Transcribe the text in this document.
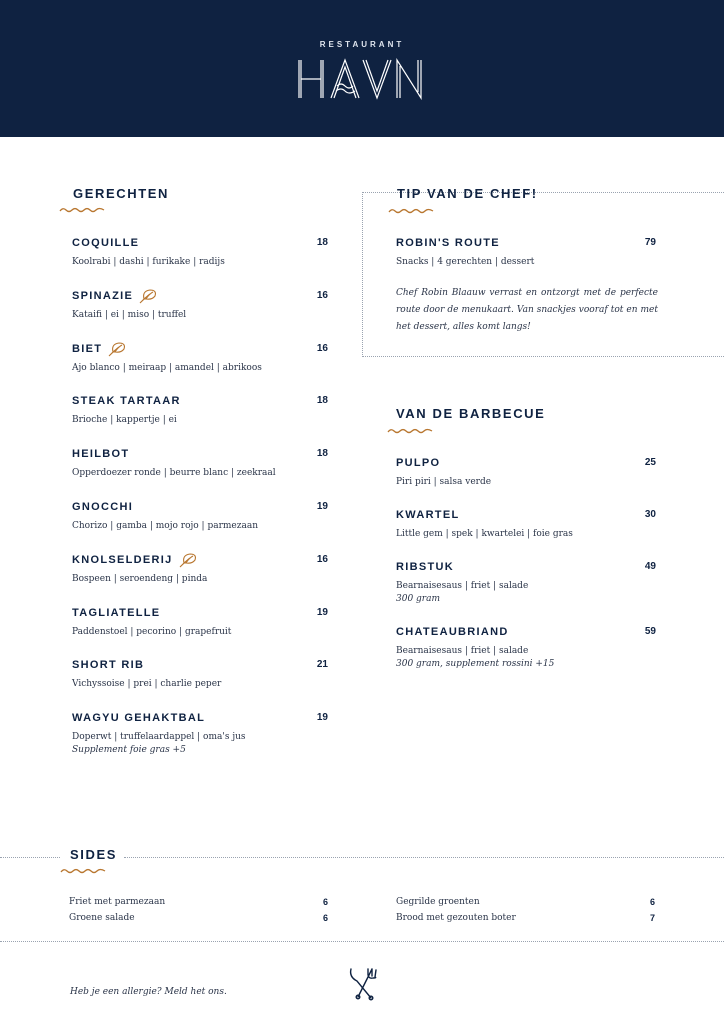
RESTAURANT
GERECHTEN
COQUILLE	18
Koolrabi | dashi | furikake | radijs
SPINAZIE	16
Kataifi | ei | miso | truffel
BIET	16
Ajo blanco | meiraap | amandel | abrikoos
STEAK TARTAAR	18
Brioche | kappertje | ei
HEILBOT	18
Opperdoezer ronde | beurre blanc | zeekraal
GNOCCHI	19
Chorizo | gamba | mojo rojo | parmezaan
KNOLSELDERIJ	16
Bospeen | seroendeng | pinda
TAGLIATELLE	19
Paddenstoel | pecorino | grapefruit
SHORT RIB	21
Vichyssoise | prei | charlie peper
WAGYU GEHAKTBAL	19
Doperwt | truffelaardappel | oma's jus
Supplement foie gras +5
TIP VAN DE CHEF!
ROBIN'S ROUTE	79
Snacks | 4 gerechten | dessert
Chef Robin Blaauw verrast en ontzorgt met de perfecte route door de menukaart. Van snackjes vooraf tot en met het dessert, alles komt langs!
VAN DE BARBECUE
PULPO	25
Piri piri | salsa verde
KWARTEL	30
Little gem | spek | kwartelei | foie gras
RIBSTUK	49
Bearnaisesaus | friet | salade
300 gram
CHATEAUBRIAND	59
Bearnaisesaus | friet | salade
300 gram, supplement rossini +15
SIDES
Friet met parmezaan	6
Groene salade	6
Gegrilde groenten	6
Brood met gezouten boter	7
Heb je een allergie? Meld het ons.
